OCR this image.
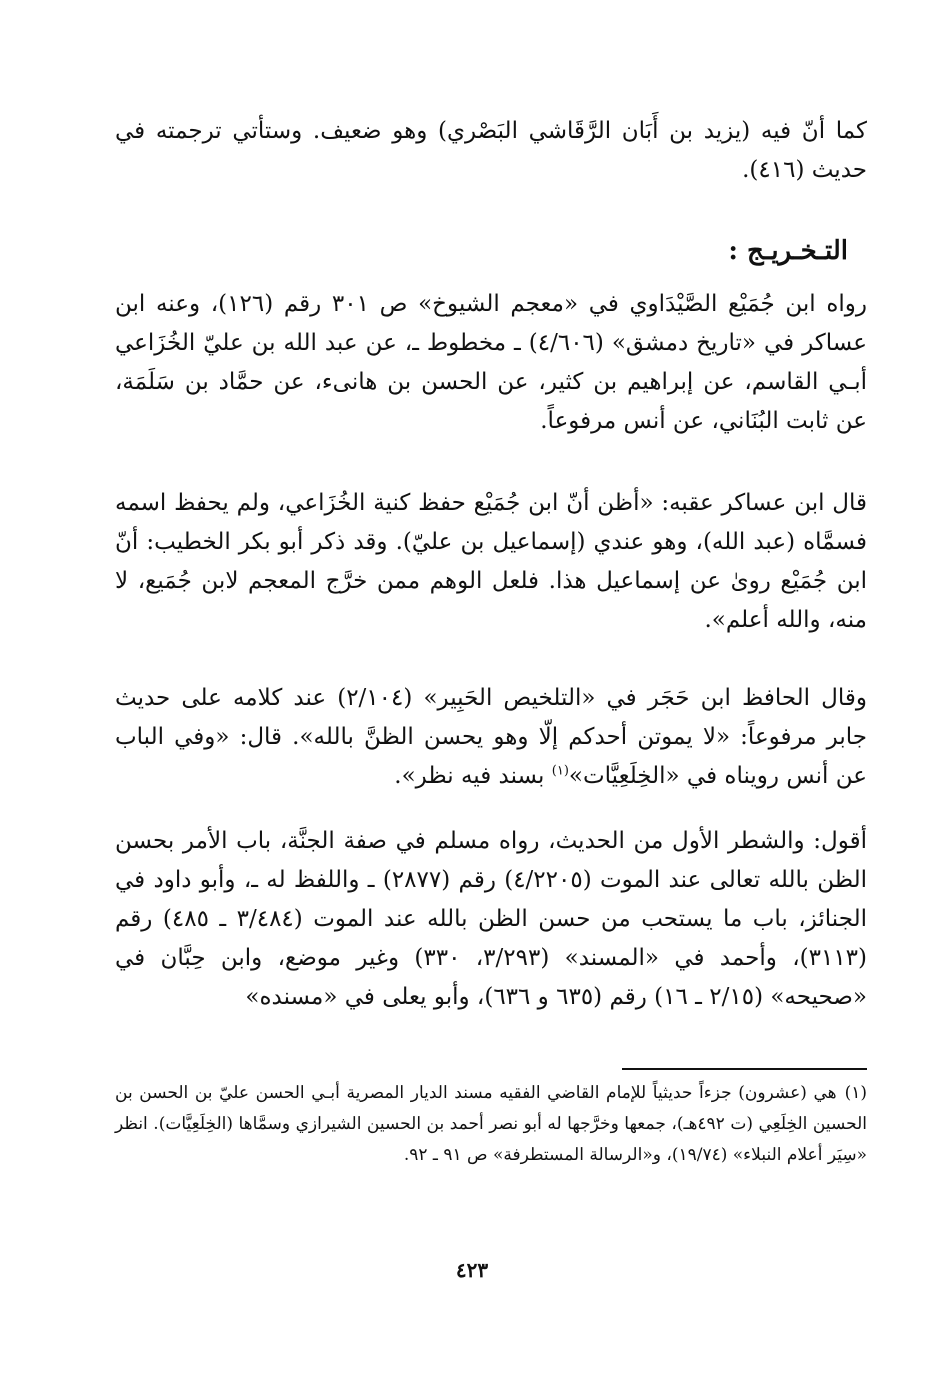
كما أنّ فيه (يزيد بن أَبَان الرَّقَاشي البَصْري) وهو ضعيف. وستأتي ترجمته في حديث (٤١٦).

التـخـريـج :

رواه ابن جُمَيْع الصَّيْدَاوي في «معجم الشيوخ» ص ٣٠١ رقم (١٢٦)، وعنه ابن عساكر في «تاريخ دمشق» (٤/٦٠٦) ـ مخطوط ـ، عن عبد الله بن عليّ الخُزَاعي أبـي القاسم، عن إبراهيم بن كثير، عن الحسن بن هانىء، عن حمَّاد بن سَلَمَة، عن ثابت البُنَاني، عن أنس مرفوعاً.

قال ابن عساكر عقبه: «أظن أنّ ابن جُمَيْع حفظ كنية الخُزَاعي، ولم يحفظ اسمه فسمَّاه (عبد الله)، وهو عندي (إسماعيل بن عليّ). وقد ذكر أبو بكر الخطيب: أنّ ابن جُمَيْع روىٰ عن إسماعيل هذا. فلعل الوهم ممن خرَّج المعجم لابن جُمَيع، لا منه، والله أعلم».

وقال الحافظ ابن حَجَر في «التلخيص الحَبِير» (٢/١٠٤) عند كلامه على حديث جابر مرفوعاً: «لا يموتن أحدكم إلّا وهو يحسن الظنَّ بالله». قال: «وفي الباب عن أنس رويناه في «الخِلَعِيَّات»$^{(١)}$ بسند فيه نظر».

أقول: والشطر الأول من الحديث، رواه مسلم في صفة الجنَّة، باب الأمر بحسن الظن بالله تعالى عند الموت (٤/٢٢٠٥) رقم (٢٨٧٧) ـ واللفظ له ـ، وأبو داود في الجنائز، باب ما يستحب من حسن الظن بالله عند الموت (٣/٤٨٤ ـ ٤٨٥) رقم (٣١١٣)، وأحمد في «المسند» (٣/٢٩٣، ٣٣٠) وغير موضع، وابن حِبَّان في «صحيحه» (٢/١٥ ـ ١٦) رقم (٦٣٥ و ٦٣٦)، وأبو يعلى في «مسنده»

(١)هي (عشرون) جزءاً حديثياً للإمام القاضي الفقيه مسند الديار المصرية أبـي الحسن عليّ بن الحسن بن الحسين الخِلَعِي (ت ٤٩٢هـ)، جمعها وخرَّجها له أبو نصر أحمد بن الحسين الشيرازي وسمَّاها (الخِلَعِيَّات). انظر «سِيَر أعلام النبلاء» (١٩/٧٤)، و«الرسالة المستطرفة» ص ٩١ ـ ٩٢.

٤٢٣
